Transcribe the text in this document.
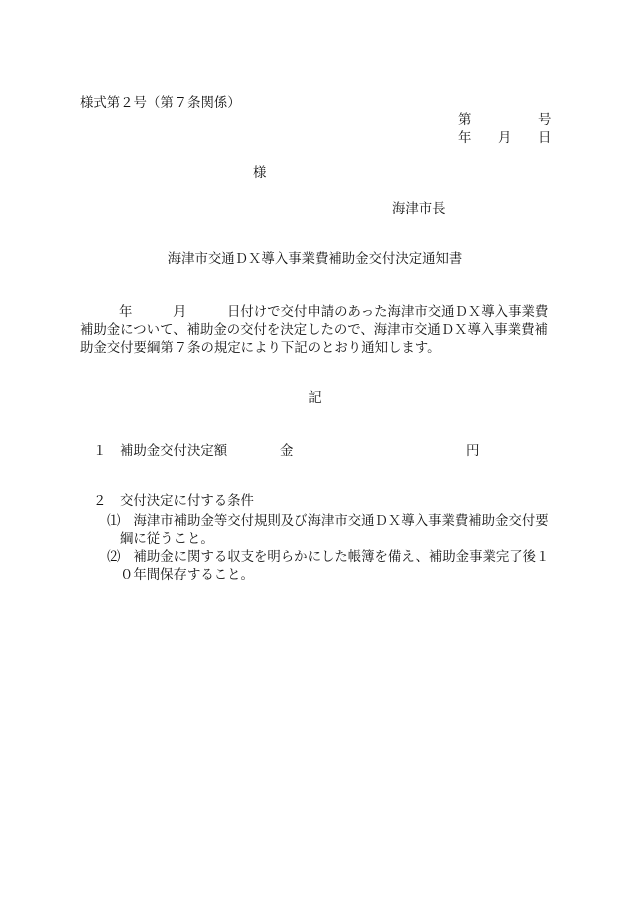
様式第２号（第７条関係）
第	号
年 月 日
様
海津市長
海津市交通ＤＸ導入事業費補助金交付決定通知書
年	月	日付けで交付申請のあった海津市交通ＤＸ導入事業費
補助金について、補助金の交付を決定したので、海津市交通ＤＸ導入事業費補
助金交付要綱第７条の規定により下記のとおり通知します。
記
１ 補助金交付決定額	金	円
２ 交付決定に付する条件
⑴ 海津市補助金等交付規則及び海津市交通ＤＸ導入事業費補助金交付要
綱に従うこと。
⑵ 補助金に関する収支を明らかにした帳簿を備え、補助金事業完了後１
０年間保存すること。
